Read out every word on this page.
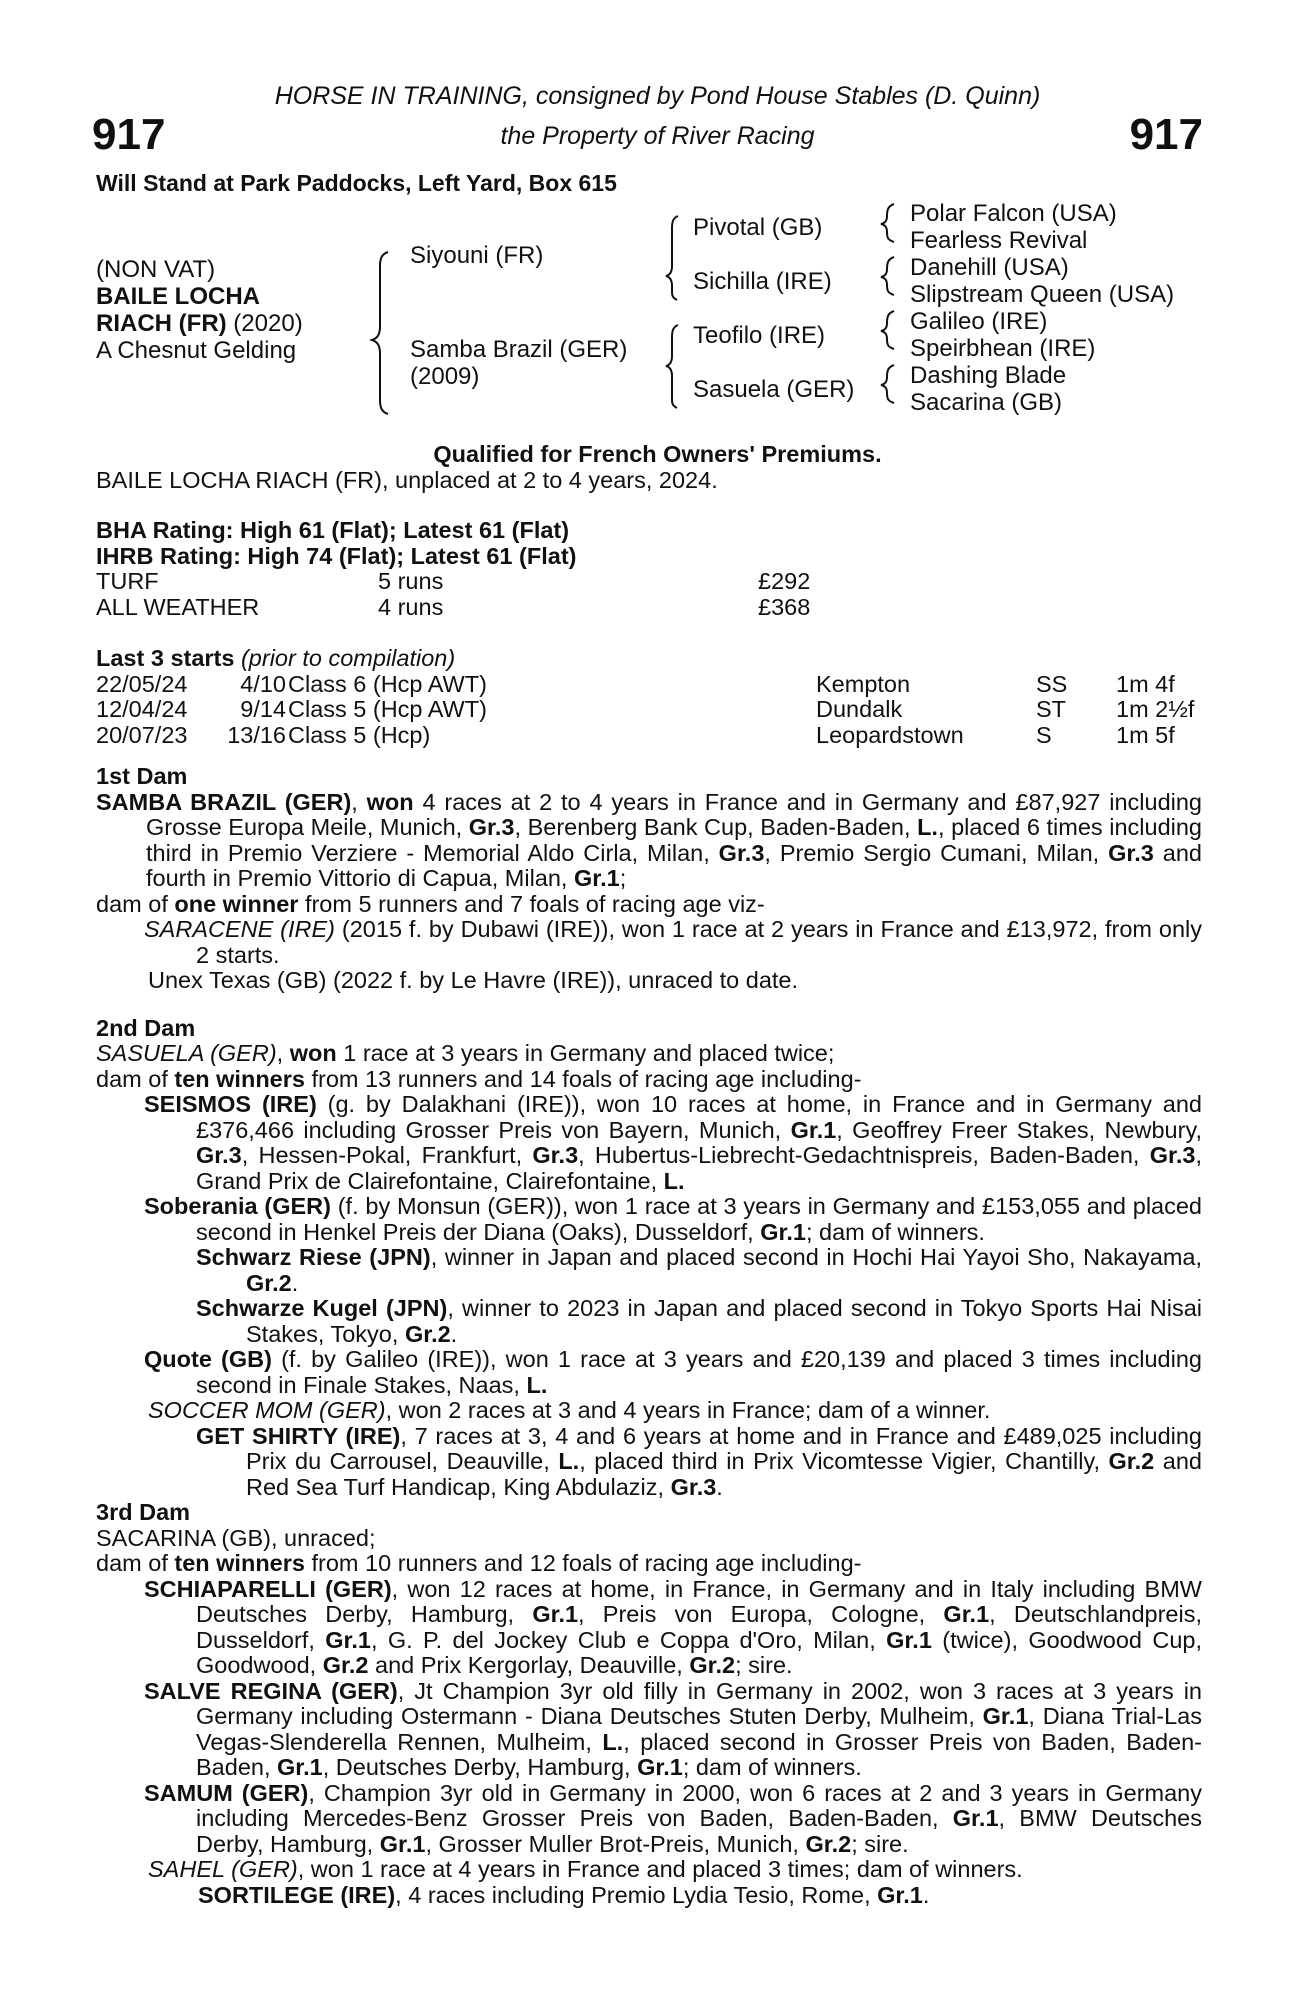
HORSE IN TRAINING, consigned by Pond House Stables (D. Quinn)
the Property of River Racing
917	917
Will Stand at Park Paddocks, Left Yard, Box 615
(NON VAT)
BAILE LOCHA
RIACH (FR) (2020)
A Chesnut Gelding
Siyouni (FR)
Samba Brazil (GER)
(2009)
Pivotal (GB)
Sichilla (IRE)
Teofilo (IRE)
Sasuela (GER)
Polar Falcon (USA)
Fearless Revival
Danehill (USA)
Slipstream Queen (USA)
Galileo (IRE)
Speirbhean (IRE)
Dashing Blade
Sacarina (GB)
Qualified for French Owners' Premiums.
BAILE LOCHA RIACH (FR), unplaced at 2 to 4 years, 2024.
BHA Rating: High 61 (Flat); Latest 61 (Flat)
IHRB Rating: High 74 (Flat); Latest 61 (Flat)
TURF	5 runs	£292
ALL WEATHER	4 runs	£368
Last 3 starts (prior to compilation)
22/05/24	4/10 Class 6 (Hcp AWT)	Kempton	SS 1m 4f
12/04/24	9/14 Class 5 (Hcp AWT)	Dundalk	ST 1m 2½f
20/07/23	13/16 Class 5 (Hcp)	Leopardstown	S	1m 5f

1st Dam

SAMBA BRAZIL (GER), won 4 races at 2 to 4 years in France and in Germany and £87,927 including Grosse Europa Meile, Munich, Gr.3, Berenberg Bank Cup, Baden-Baden, L., placed 6 times including third in Premio Verziere - Memorial Aldo Cirla, Milan, Gr.3, Premio Sergio Cumani, Milan, Gr.3 and fourth in Premio Vittorio di Capua, Milan, Gr.1;

dam of one winner from 5 runners and 7 foals of racing age viz-

SARACENE (IRE) (2015 f. by Dubawi (IRE)), won 1 race at 2 years in France and £13,972, from only 2 starts.

Unex Texas (GB) (2022 f. by Le Havre (IRE)), unraced to date.

2nd Dam

SASUELA (GER), won 1 race at 3 years in Germany and placed twice;

dam of ten winners from 13 runners and 14 foals of racing age including-

SEISMOS (IRE) (g. by Dalakhani (IRE)), won 10 races at home, in France and in Germany and £376,466 including Grosser Preis von Bayern, Munich, Gr.1, Geoffrey Freer Stakes, Newbury, Gr.3, Hessen-Pokal, Frankfurt, Gr.3, Hubertus-Liebrecht-Gedachtnispreis, Baden-Baden, Gr.3, Grand Prix de Clairefontaine, Clairefontaine, L.

Soberania (GER) (f. by Monsun (GER)), won 1 race at 3 years in Germany and £153,055 and placed second in Henkel Preis der Diana (Oaks), Dusseldorf, Gr.1; dam of winners.

Schwarz Riese (JPN), winner in Japan and placed second in Hochi Hai Yayoi Sho, Nakayama, Gr.2.

Schwarze Kugel (JPN), winner to 2023 in Japan and placed second in Tokyo Sports Hai Nisai Stakes, Tokyo, Gr.2.

Quote (GB) (f. by Galileo (IRE)), won 1 race at 3 years and £20,139 and placed 3 times including second in Finale Stakes, Naas, L.

SOCCER MOM (GER), won 2 races at 3 and 4 years in France; dam of a winner.

GET SHIRTY (IRE), 7 races at 3, 4 and 6 years at home and in France and £489,025 including Prix du Carrousel, Deauville, L., placed third in Prix Vicomtesse Vigier, Chantilly, Gr.2 and Red Sea Turf Handicap, King Abdulaziz, Gr.3.

3rd Dam

SACARINA (GB), unraced;

dam of ten winners from 10 runners and 12 foals of racing age including-

SCHIAPARELLI (GER), won 12 races at home, in France, in Germany and in Italy including BMW Deutsches Derby, Hamburg, Gr.1, Preis von Europa, Cologne, Gr.1, Deutschlandpreis, Dusseldorf, Gr.1, G. P. del Jockey Club e Coppa d'Oro, Milan, Gr.1 (twice), Goodwood Cup, Goodwood, Gr.2 and Prix Kergorlay, Deauville, Gr.2; sire.

SALVE REGINA (GER), Jt Champion 3yr old filly in Germany in 2002, won 3 races at 3 years in Germany including Ostermann - Diana Deutsches Stuten Derby, Mulheim, Gr.1, Diana Trial-Las Vegas-Slenderella Rennen, Mulheim, L., placed second in Grosser Preis von Baden, Baden-Baden, Gr.1, Deutsches Derby, Hamburg, Gr.1; dam of winners.

SAMUM (GER), Champion 3yr old in Germany in 2000, won 6 races at 2 and 3 years in Germany including Mercedes-Benz Grosser Preis von Baden, Baden-Baden, Gr.1, BMW Deutsches Derby, Hamburg, Gr.1, Grosser Muller Brot-Preis, Munich, Gr.2; sire.

SAHEL (GER), won 1 race at 4 years in France and placed 3 times; dam of winners.

SORTILEGE (IRE), 4 races including Premio Lydia Tesio, Rome, Gr.1.
